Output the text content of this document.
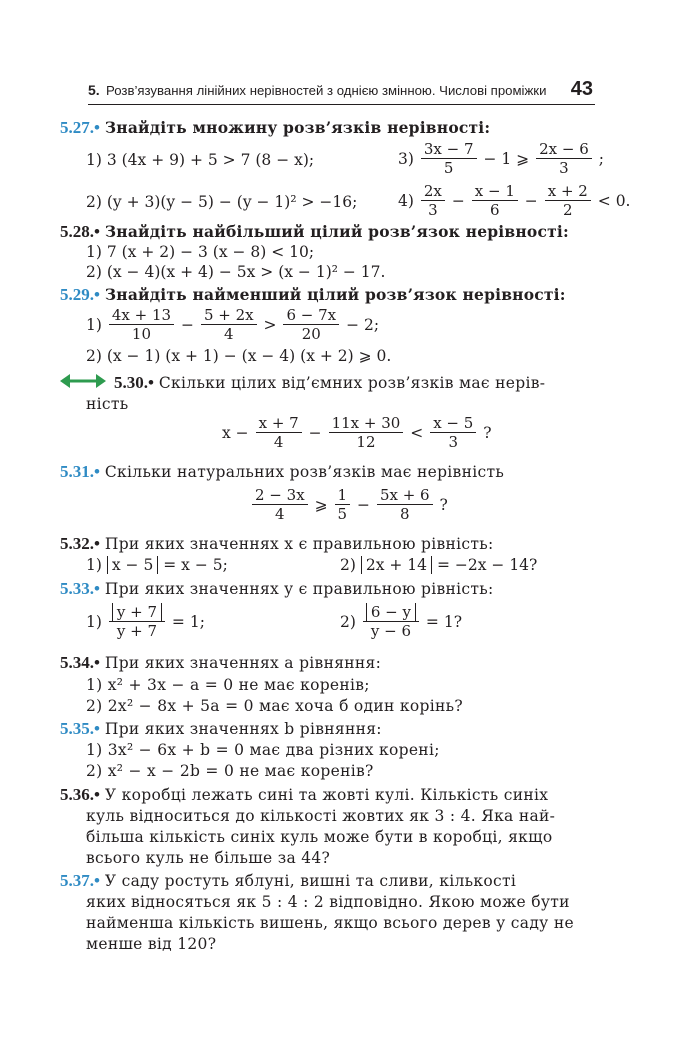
5. Розв’язування лінійних нерівностей з однією змінною. Числові проміжки 43
5.27.• Знайдіть множину розв’язків нерівності:
1) 3 (4x + 9) + 5 > 7 (8 − x);	$3) \frac{3x - 7}{5} - 1$ ⩾ $\frac{2x - 6}{3}$ ;
2) (y + 3)(y − 5) − (y − 1)² > −16;	$4) \frac{2x}{3} - \frac{x - 1}{6} - \frac{x + 2}{2} < 0$.
5.28.• Знайдіть найбільший цілий розв’язок нерівності:
1) 7 (x + 2) − 3 (x − 8) < 10;
2) (x − 4)(x + 4) − 5x > (x − 1)² − 17.
5.29.• Знайдіть найменший цілий розв’язок нерівності:
$1) \frac{4x + 13}{10} - \frac{5 + 2x}{4} > \frac{6 - 7x}{20} - 2$;
2) (x − 1) (x + 1) − (x − 4) (x + 2) ⩾ 0.
5.30.• Скільки цілих від’ємних розв’язків має нерів-
ність
$x - \frac{x + 7}{4} - \frac{11x + 30}{12} < \frac{x - 5}{3}$ ?
5.31.• Скільки натуральних розв’язків має нерівність
$\frac{2 - 3x}{4}$ ⩾ $\frac{1}{5} - \frac{5x + 6}{8}$ ?
5.32.• При яких значеннях x є правильною рівність:
1) x − 5 = x − 5;	2) 2x + 14 = −2x − 14?
5.33.• При яких значеннях y є правильною рівність:
$1) \frac{y + 7}{y + 7} = 1$;	$2) \frac{6 - y}{y - 6} = 1$?
5.34.• При яких значеннях a рівняння:
1) x² + 3x − a = 0 не має коренів;
2) 2x² − 8x + 5a = 0 має хоча б один корінь?
5.35.• При яких значеннях b рівняння:
1) 3x² − 6x + b = 0 має два різних корені;
2) x² − x − 2b = 0 не має коренів?
5.36.• У коробці лежать сині та жовті кулі. Кількість синіх
куль відноситься до кількості жовтих як 3 : 4. Яка най-
більша кількість синіх куль може бути в коробці, якщо
всього куль не більше за 44?
5.37.• У саду ростуть яблуні, вишні та сливи, кількості
яких відносяться як 5 : 4 : 2 відповідно. Якою може бути
найменша кількість вишень, якщо всього дерев у саду не
менше від 120?
